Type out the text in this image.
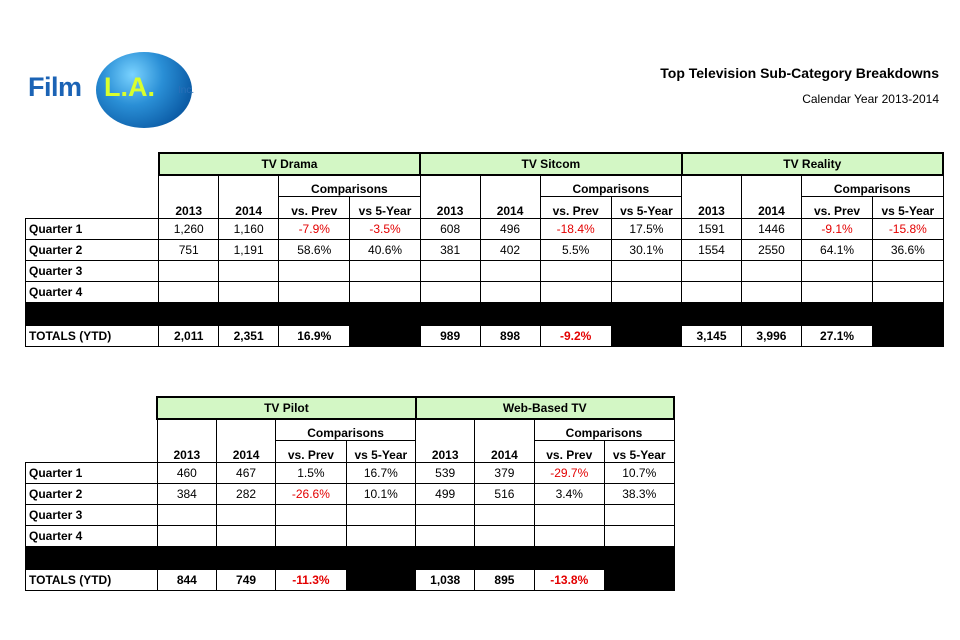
Film L.A. Inc.
Top Television Sub-Category Breakdowns
Calendar Year 2013-2014
	TV Drama				TV Sitcom				TV Reality			
	2013	2014	Comparisons		2013	2014	Comparisons		2013	2014	Comparisons	
			vs. Prev	vs 5-Year			vs. Prev	vs 5-Year			vs. Prev	vs 5-Year
Quarter 1	1,260	1,160	-7.9%	-3.5%	608	496	-18.4%	17.5%	1591	1446	-9.1%	-15.8%
Quarter 2	751	1,191	58.6%	40.6%	381	402	5.5%	30.1%	1554	2550	64.1%	36.6%
Quarter 3												
Quarter 4												

TOTALS (YTD)	2,011	2,351	16.9%		989	898	-9.2%		3,145	3,996	27.1%	
	TV Pilot				Web-Based TV			
	2013	2014	Comparisons		2013	2014	Comparisons	
			vs. Prev	vs 5-Year			vs. Prev	vs 5-Year
Quarter 1	460	467	1.5%	16.7%	539	379	-29.7%	10.7%
Quarter 2	384	282	-26.6%	10.1%	499	516	3.4%	38.3%
Quarter 3								
Quarter 4								

TOTALS (YTD)	844	749	-11.3%		1,038	895	-13.8%	
